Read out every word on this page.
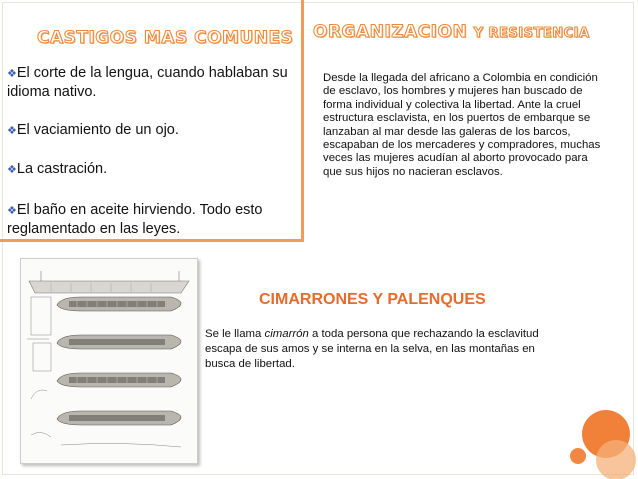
CASTIGOS MAS COMUNES ORGANIZACION Y RESISTENCIA
❖El corte de la lengua, cuando hablaban su idioma nativo.
❖El vaciamiento de un ojo.
❖La castración.
❖El baño en aceite hirviendo. Todo esto reglamentado en las leyes.
Desde la llegada del africano a Colombia en condición de esclavo, los hombres y mujeres han buscado de forma individual y colectiva la libertad. Ante la cruel estructura esclavista, en los puertos de embarque se lanzaban al mar desde las galeras de los barcos, escapaban de los mercaderes y compradores, muchas veces las mujeres acudían al aborto provocado para que sus hijos no nacieran esclavos.
CIMARRONES Y PALENQUES
Se le llama cimarrón a toda persona que rechazando la esclavitud escapa de sus amos y se interna en la selva, en las montañas en busca de libertad.
